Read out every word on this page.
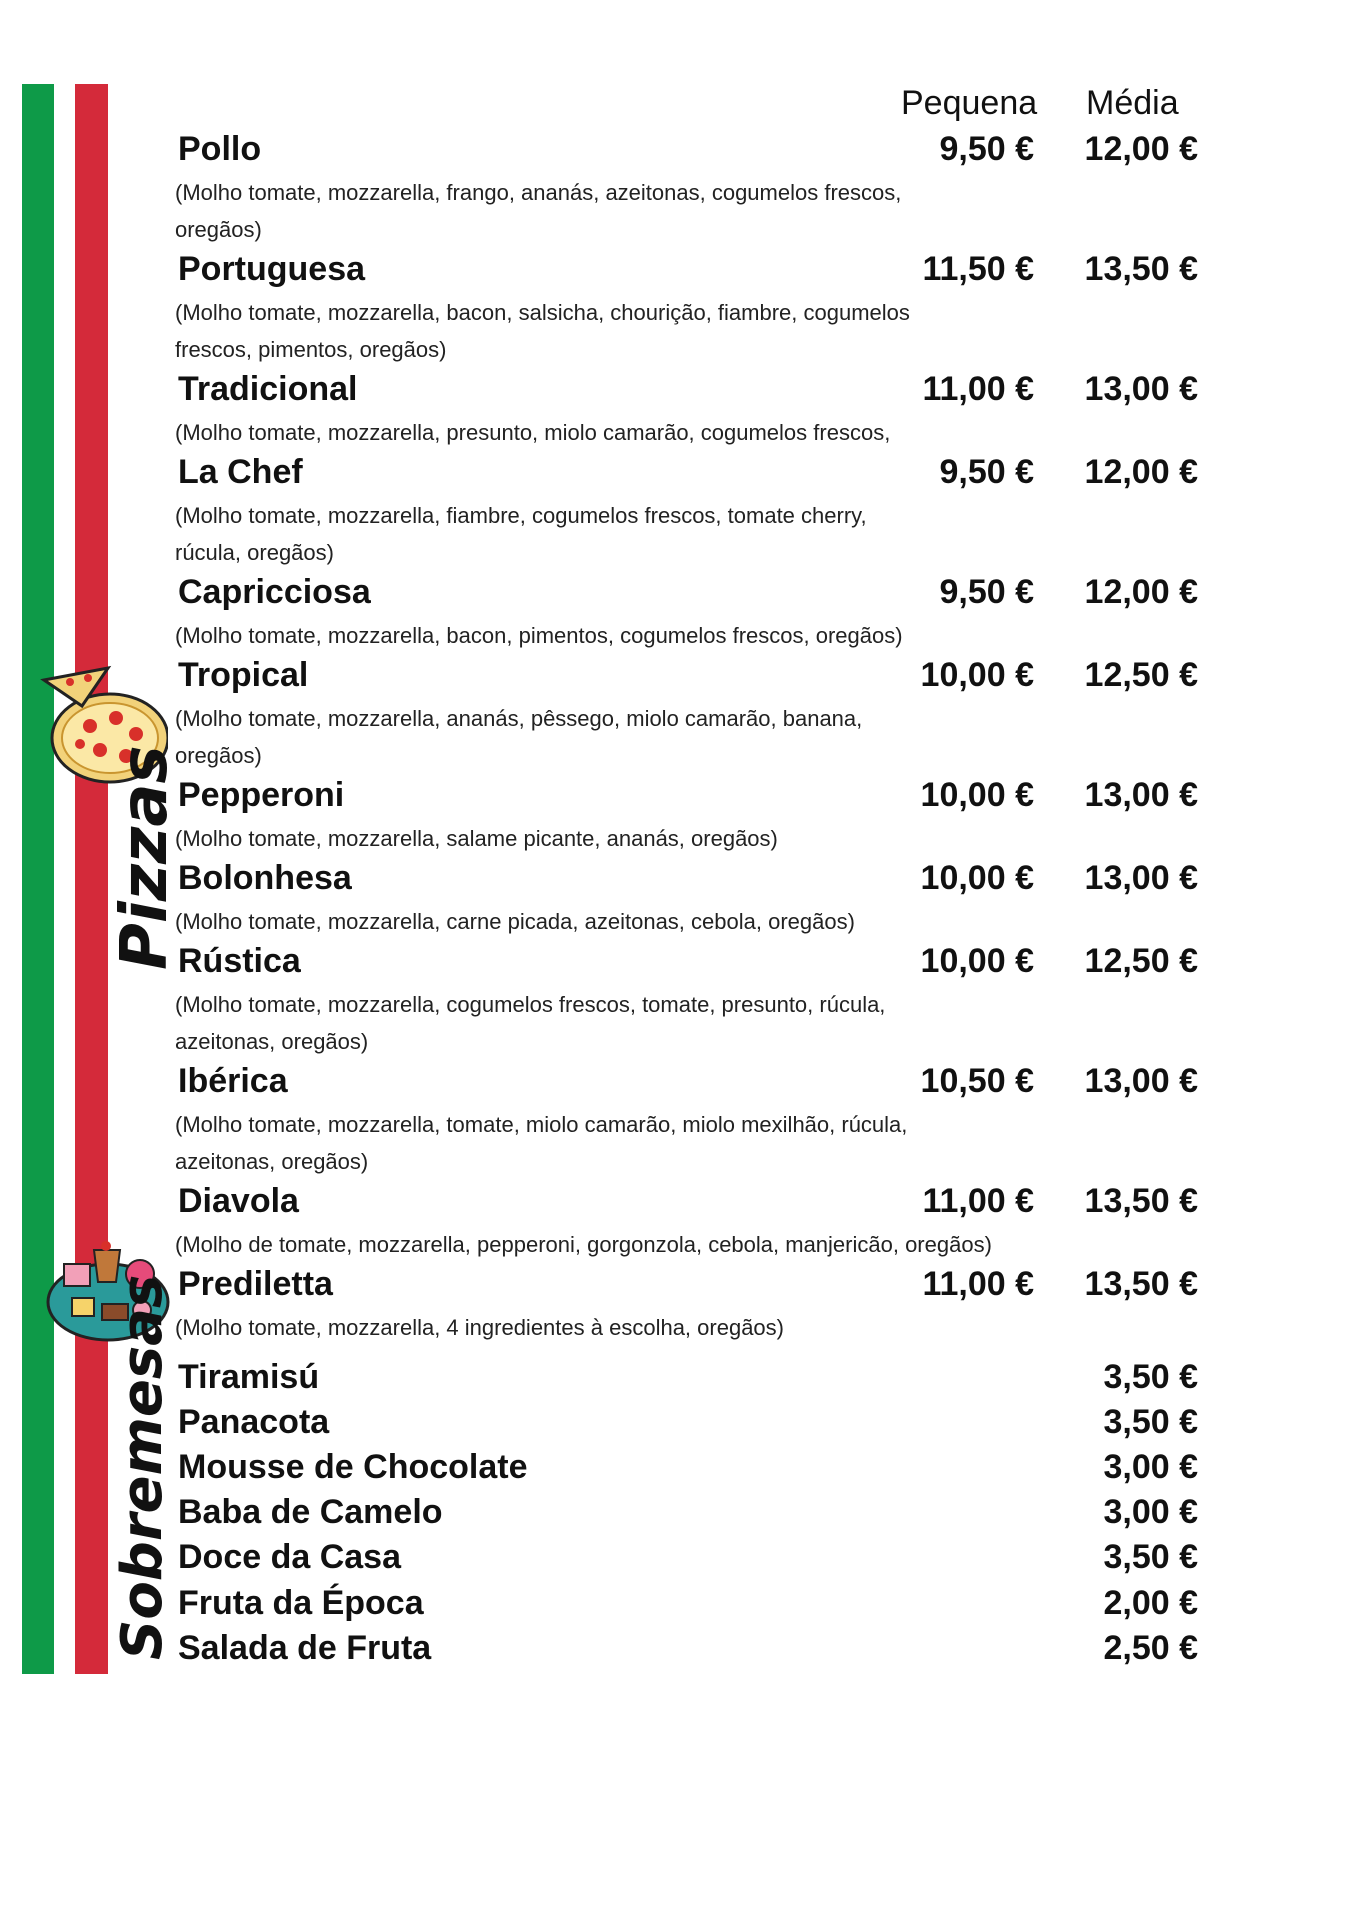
Pizzas
Sobremesas
Pequena Média
Pollo	9,50 € 12,00 €
(Molho tomate, mozzarella, frango, ananás, azeitonas, cogumelos frescos, oregãos)
Portuguesa	11,50 € 13,50 €
(Molho tomate, mozzarella, bacon, salsicha, chourição, fiambre, cogumelos frescos, pimentos, oregãos)
Tradicional	11,00 € 13,00 €
(Molho tomate, mozzarella, presunto, miolo camarão, cogumelos frescos,
La Chef	9,50 € 12,00 €
(Molho tomate, mozzarella, fiambre, cogumelos frescos, tomate cherry, rúcula, oregãos)
Capricciosa	9,50 € 12,00 €
(Molho tomate, mozzarella, bacon, pimentos, cogumelos frescos, oregãos)
Tropical	10,00 € 12,50 €
(Molho tomate, mozzarella, ananás, pêssego, miolo camarão, banana, oregãos)
Pepperoni	10,00 € 13,00 €
(Molho tomate, mozzarella, salame picante, ananás, oregãos)
Bolonhesa	10,00 € 13,00 €
(Molho tomate, mozzarella, carne picada, azeitonas, cebola, oregãos)
Rústica	10,00 € 12,50 €
(Molho tomate, mozzarella, cogumelos frescos, tomate, presunto, rúcula, azeitonas, oregãos)
Ibérica	10,50 € 13,00 €
(Molho tomate, mozzarella, tomate, miolo camarão, miolo mexilhão, rúcula, azeitonas, oregãos)
Diavola	11,00 € 13,50 €
(Molho de tomate, mozzarella, pepperoni, gorgonzola, cebola, manjericão, oregãos)
Prediletta	11,00 € 13,50 €
(Molho tomate, mozzarella, 4 ingredientes à escolha, oregãos)
Tiramisú	3,50 €
Panacota	3,50 €
Mousse de Chocolate	3,00 €
Baba de Camelo	3,00 €
Doce da Casa	3,50 €
Fruta da Época	2,00 €
Salada de Fruta	2,50 €
